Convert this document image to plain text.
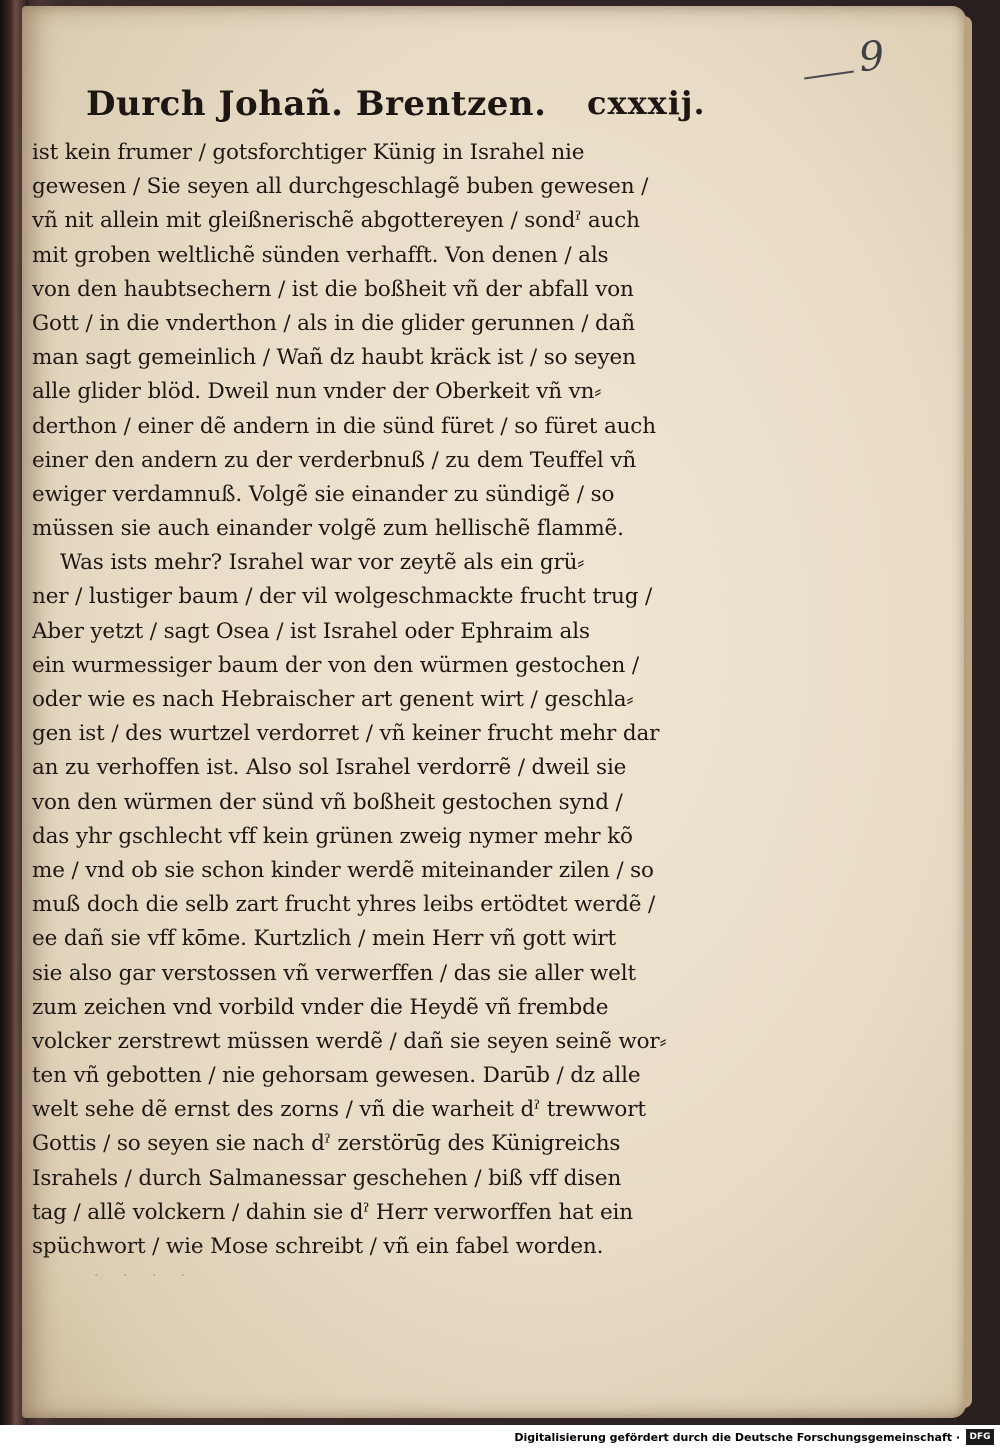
9
Durch Johañ. Brentzen. cxxxij.
ist kein frumer / gotsforchtiger Künig in Israhel nie
gewesen / Sie seyen all durchgeschlagẽ buben gewesen /
vñ nit allein mit gleißnerischẽ abgottereyen / sondˀ auch
mit groben weltlichẽ sünden verhafft. Von denen / als
von den haubtsechern / ist die boßheit vñ der abfall von
Gott / in die vnderthon / als in die glider gerunnen / dañ
man sagt gemeinlich / Wañ dz haubt kräck ist / so seyen
alle glider blöd. Dweil nun vnder der Oberkeit vñ vn⸗
derthon / einer dẽ andern in die sünd füret / so füret auch
einer den andern zu der verderbnuß / zu dem Teuffel vñ
ewiger verdamnuß. Volgẽ sie einander zu sündigẽ / so
müssen sie auch einander volgẽ zum hellischẽ flammẽ.
Was ists mehr? Israhel war vor zeytẽ als ein grü⸗
ner / lustiger baum / der vil wolgeschmackte frucht trug /
Aber yetzt / sagt Osea / ist Israhel oder Ephraim als
ein wurmessiger baum der von den würmen gestochen /
oder wie es nach Hebraischer art genent wirt / geschla⸗
gen ist / des wurtzel verdorret / vñ keiner frucht mehr dar
an zu verhoffen ist. Also sol Israhel verdorrẽ / dweil sie
von den würmen der sünd vñ boßheit gestochen synd /
das yhr gschlecht vff kein grünen zweig nymer mehr kõ
me / vnd ob sie schon kinder werdẽ miteinander zilen / so
muß doch die selb zart frucht yhres leibs ertödtet werdẽ /
ee dañ sie vff kōme. Kurtzlich / mein Herr vñ gott wirt
sie also gar verstossen vñ verwerffen / das sie aller welt
zum zeichen vnd vorbild vnder die Heydẽ vñ frembde
volcker zerstrewt müssen werdẽ / dañ sie seyen seinẽ wor⸗
ten vñ gebotten / nie gehorsam gewesen. Darūb / dz alle
welt sehe dẽ ernst des zorns / vñ die warheit dˀ trewwort
Gottis / so seyen sie nach dˀ zerstörūg des Künigreichs
Israhels / durch Salmanessar geschehen / biß vff disen
tag / allẽ volckern / dahin sie dˀ Herr verworffen hat ein
spüchwort / wie Mose schreibt / vñ ein fabel worden.
· · · ·
Digitalisierung gefördert durch die Deutsche Forschungsgemeinschaft ·	DFG
